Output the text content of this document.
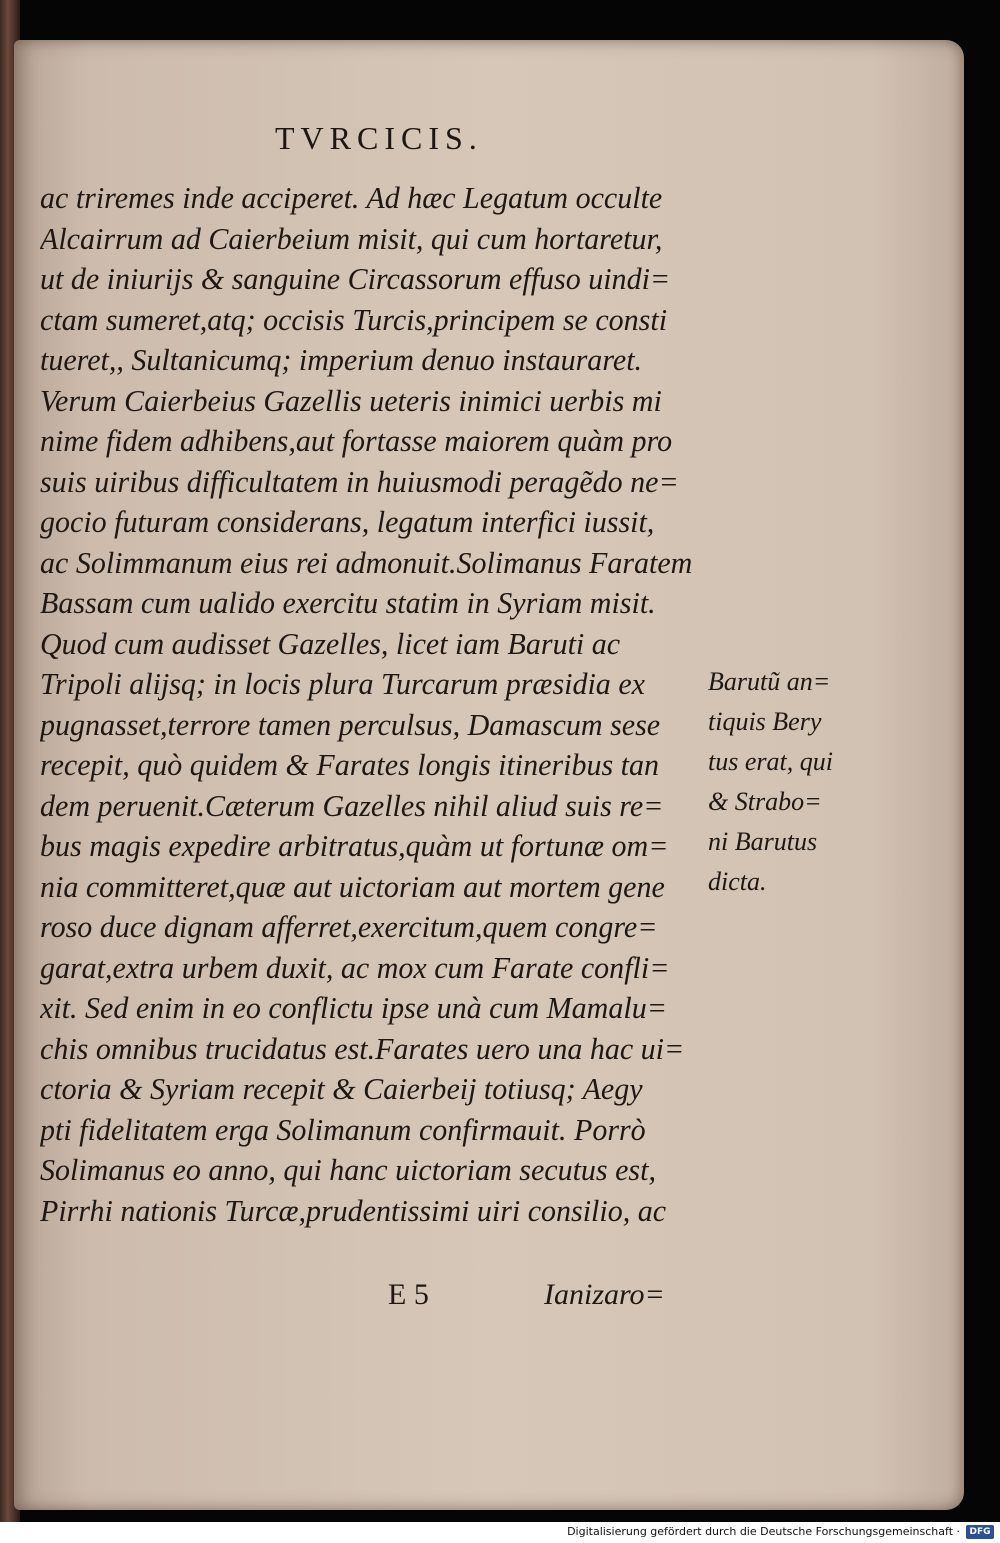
TVRCICIS.
ac triremes inde acciperet. Ad hæc Legatum occulte
Alcairrum ad Caierbeium misit, qui cum hortaretur,
ut de iniurijs & sanguine Circassorum effuso uindi=
ctam sumeret,atq; occisis Turcis,principem se consti
tueret,, Sultanicumq; imperium denuo instauraret.
Verum Caierbeius Gazellis ueteris inimici uerbis mi
nime fidem adhibens,aut fortasse maiorem quàm pro
suis uiribus difficultatem in huiusmodi peragẽdo ne=
gocio futuram considerans, legatum interfici iussit,
ac Solimmanum eius rei admonuit.Solimanus Faratem
Bassam cum ualido exercitu statim in Syriam misit.
Quod cum audisset Gazelles, licet iam Baruti ac
Tripoli alijsq; in locis plura Turcarum præsidia ex
pugnasset,terrore tamen perculsus, Damascum sese
recepit, quò quidem & Farates longis itineribus tan
dem peruenit.Cæterum Gazelles nihil aliud suis re=
bus magis expedire arbitratus,quàm ut fortunæ om=
nia committeret,quæ aut uictoriam aut mortem gene
roso duce dignam afferret,exercitum,quem congre=
garat,extra urbem duxit, ac mox cum Farate confli=
xit. Sed enim in eo conflictu ipse unà cum Mamalu=
chis omnibus trucidatus est.Farates uero una hac ui=
ctoria & Syriam recepit & Caierbeij totiusq; Aegy
pti fidelitatem erga Solimanum confirmauit. Porrò
Solimanus eo anno, qui hanc uictoriam secutus est,
Pirrhi nationis Turcæ,prudentissimi uiri consilio, ac
Barutũ an=
tiquis Bery
tus erat, qui
& Strabo=
ni Barutus
dicta.
E 5	Ianizaro=
Digitalisierung gefördert durch die Deutsche Forschungsgemeinschaft ·	DFG
